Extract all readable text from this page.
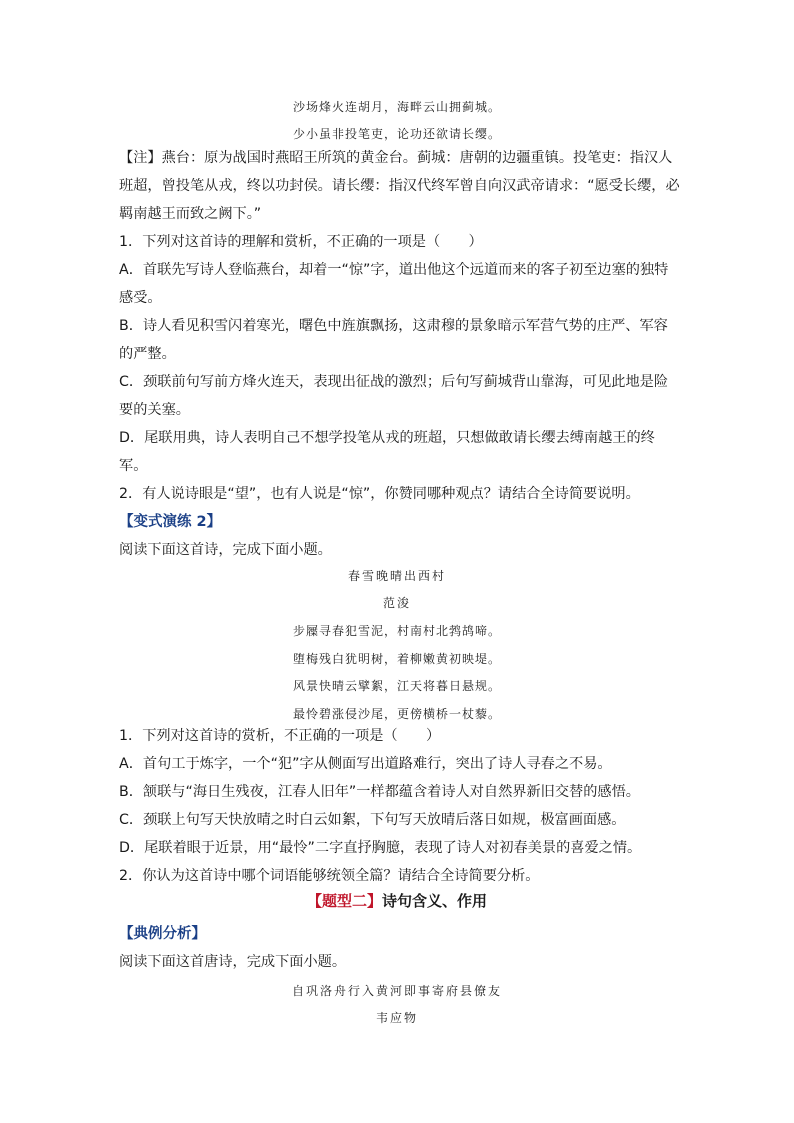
沙场烽火连胡月，海畔云山拥蓟城。
少小虽非投笔吏，论功还欲请长缨。
【注】燕台：原为战国时燕昭王所筑的黄金台。蓟城：唐朝的边疆重镇。投笔吏：指汉人
班超，曾投笔从戎，终以功封侯。请长缨：指汉代终军曾自向汉武帝请求：“愿受长缨，必
羁南越王而致之阙下。”
1．下列对这首诗的理解和赏析，不正确的一项是（　　）
A．首联先写诗人登临燕台，却着一“惊”字，道出他这个远道而来的客子初至边塞的独特
感受。
B．诗人看见积雪闪着寒光，曙色中旌旗飘扬，这肃穆的景象暗示军营气势的庄严、军容
的严整。
C．颈联前句写前方烽火连天，表现出征战的激烈；后句写蓟城背山靠海，可见此地是险
要的关塞。
D．尾联用典，诗人表明自己不想学投笔从戎的班超，只想做敢请长缨去缚南越王的终
军。
2．有人说诗眼是“望”，也有人说是“惊”，你赞同哪种观点？请结合全诗简要说明。
【变式演练 2】
阅读下面这首诗，完成下面小题。
春雪晚晴出西村
范浚
步屧寻春犯雪泥，村南村北鹁鸪啼。
堕梅残白犹明树，着柳嫩黄初映堤。
风景快晴云擘絮，江天将暮日悬规。
最怜碧涨侵沙尾，更傍横桥一杖藜。
1．下列对这首诗的赏析，不正确的一项是（　　）
A．首句工于炼字，一个“犯”字从侧面写出道路难行，突出了诗人寻春之不易。
B．颔联与“海日生残夜，江春人旧年”一样都蕴含着诗人对自然界新旧交替的感悟。
C．颈联上句写天快放晴之时白云如絮，下句写天放晴后落日如规，极富画面感。
D．尾联着眼于近景，用“最怜”二字直抒胸臆，表现了诗人对初春美景的喜爱之情。
2．你认为这首诗中哪个词语能够统领全篇？请结合全诗简要分析。
【题型二】诗句含义、作用
【典例分析】
阅读下面这首唐诗，完成下面小题。
自巩洛舟行入黄河即事寄府县僚友
韦应物
